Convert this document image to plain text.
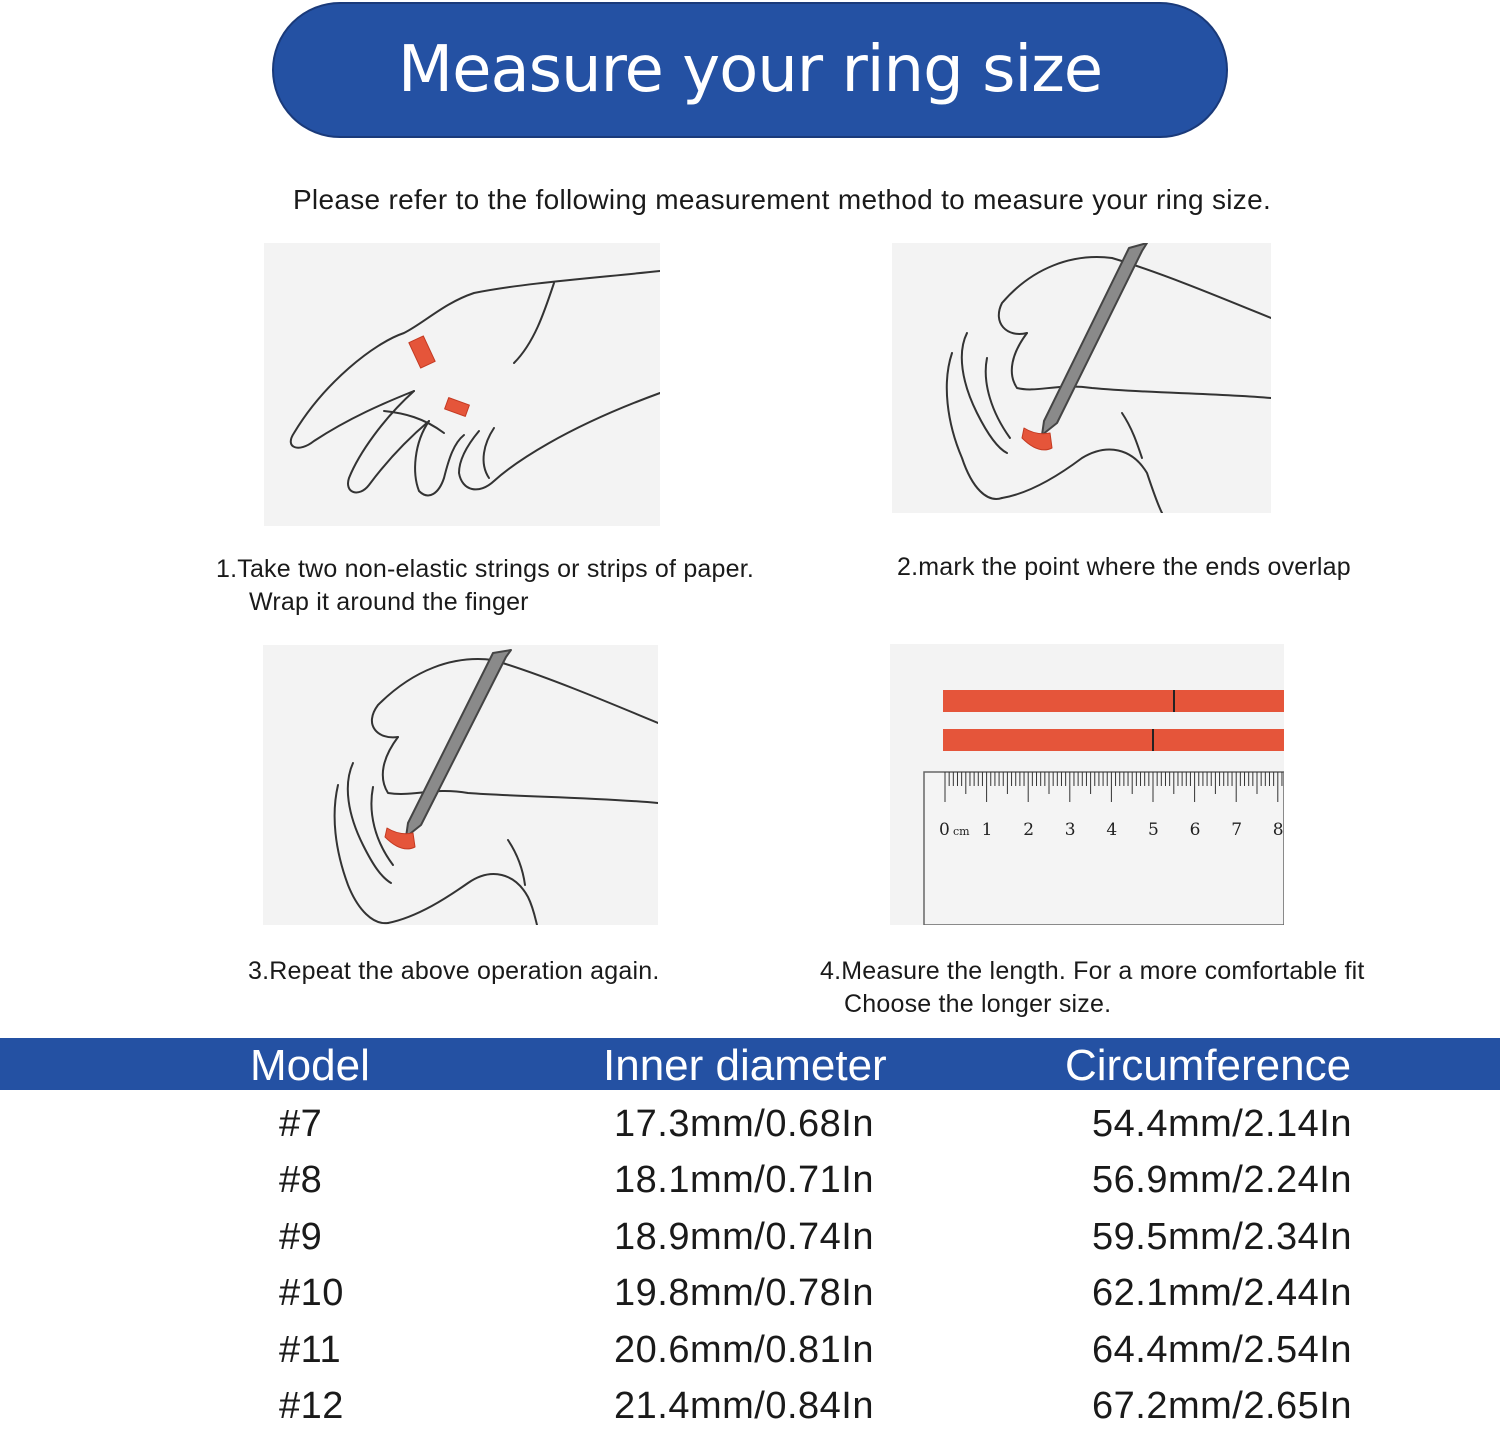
Measure your ring size
Please refer to the following measurement method to measure your ring size.
0 1 2 3 4 5 6 7 8
cm
1.Take two non-elastic strings or strips of paper.
Wrap it around the finger
2.mark the point where the ends overlap
3.Repeat the above operation again.	4.Measure the length. For a more comfortable fit
Choose the longer size.
Model	Inner diameter	Circumference
#7	17.3mm/0.68In	54.4mm/2.14In
#8	18.1mm/0.71In	56.9mm/2.24In
#9	18.9mm/0.74In	59.5mm/2.34In
#10	19.8mm/0.78In	62.1mm/2.44In
#11	20.6mm/0.81In	64.4mm/2.54In
#12	21.4mm/0.84In	67.2mm/2.65In
